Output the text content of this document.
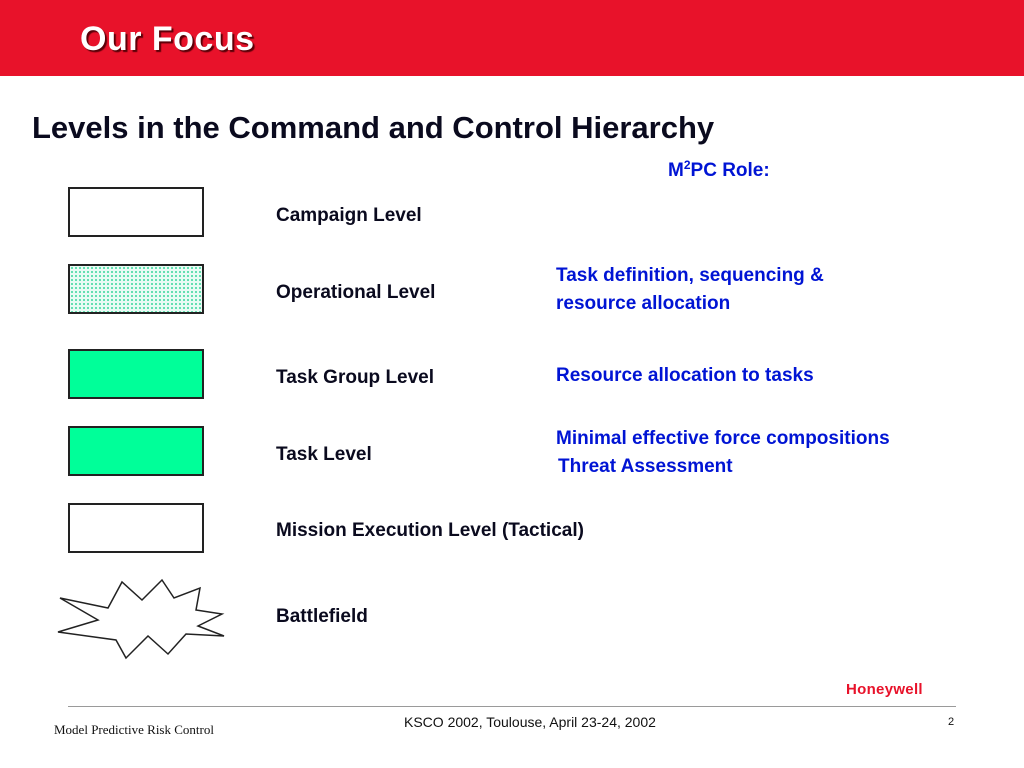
Our Focus
Levels in the Command and Control Hierarchy
$M^2PC$ Role:
Campaign Level
Operational Level
Task Group Level
Task Level
Mission Execution Level (Tactical)
Battlefield
Task definition, sequencing &
resource allocation
Resource allocation to tasks
Minimal effective force compositions
Threat Assessment
Honeywell
Model Predictive Risk Control	KSCO 2002, Toulouse, April 23-24, 2002	2
